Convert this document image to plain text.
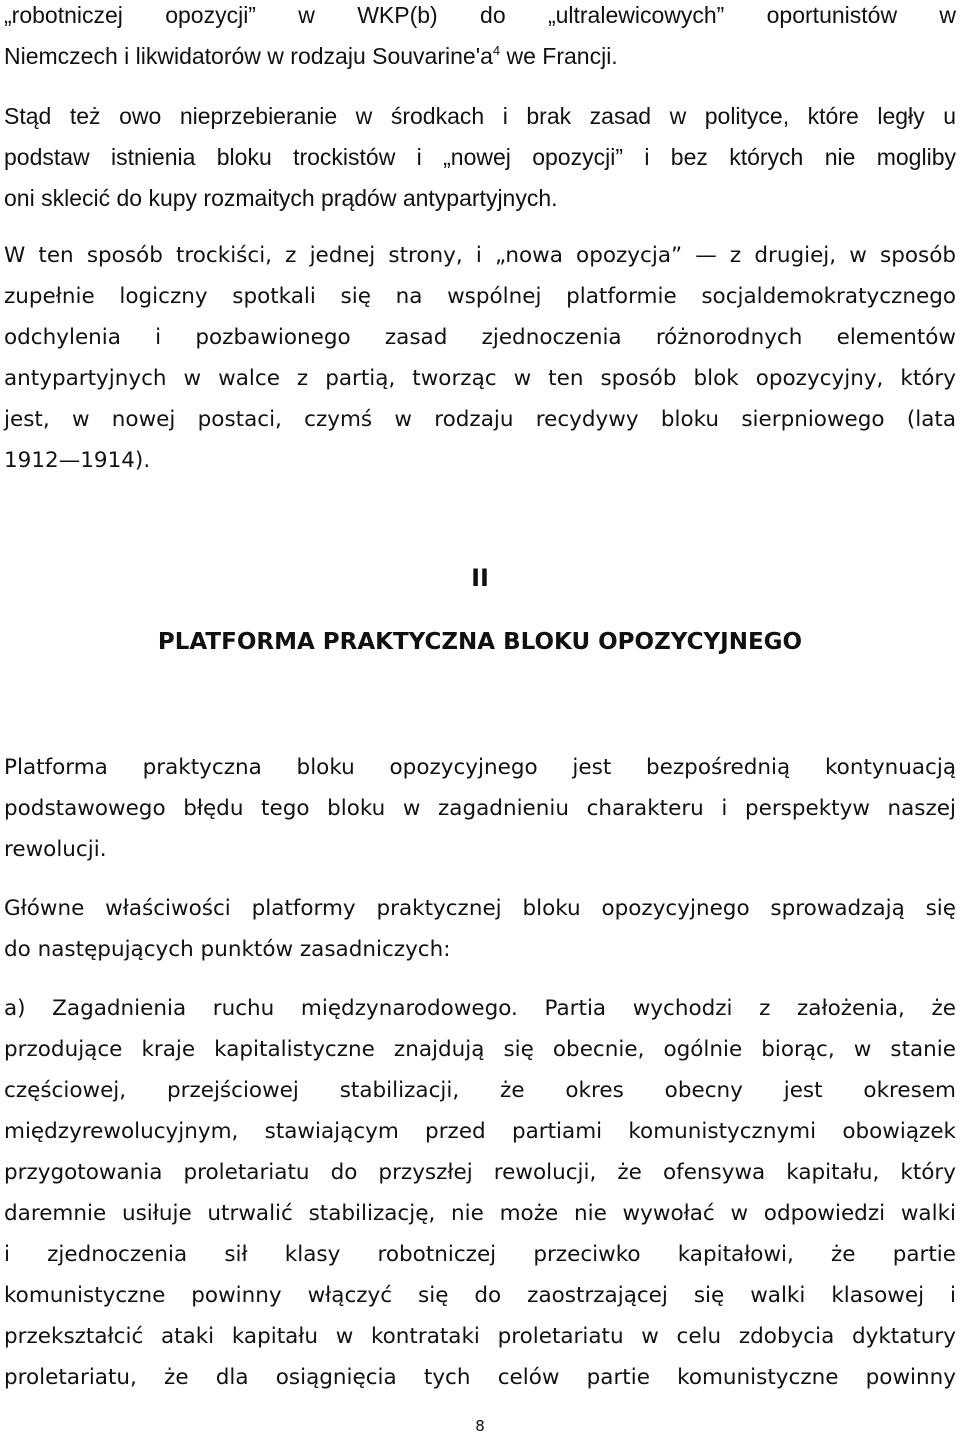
„robotniczej opozycji” w WKP(b) do „ultralewicowych” oportunistów w
Niemczech i likwidatorów w rodzaju $Souvarine'a^4$ we Francji.
Stąd też owo nieprzebieranie w środkach i brak zasad w polityce, które legły u
podstaw istnienia bloku trockistów i „nowej opozycji” i bez których nie mogliby
oni sklecić do kupy rozmaitych prądów antypartyjnych.
W ten sposób trockiści, z jednej strony, i „nowa opozycja” — z drugiej, w sposób
zupełnie logiczny spotkali się na wspólnej platformie socjaldemokratycznego
odchylenia i pozbawionego zasad zjednoczenia różnorodnych elementów
antypartyjnych w walce z partią, tworząc w ten sposób blok opozycyjny, który
jest, w nowej postaci, czymś w rodzaju recydywy bloku sierpniowego (lata
1912—1914).
II
PLATFORMA PRAKTYCZNA BLOKU OPOZYCYJNEGO
Platforma praktyczna bloku opozycyjnego jest bezpośrednią kontynuacją
podstawowego błędu tego bloku w zagadnieniu charakteru i perspektyw naszej
rewolucji.
Główne właściwości platformy praktycznej bloku opozycyjnego sprowadzają się
do następujących punktów zasadniczych:
a) Zagadnienia ruchu międzynarodowego. Partia wychodzi z założenia, że
przodujące kraje kapitalistyczne znajdują się obecnie, ogólnie biorąc, w stanie
częściowej, przejściowej stabilizacji, że okres obecny jest okresem
międzyrewolucyjnym, stawiającym przed partiami komunistycznymi obowiązek
przygotowania proletariatu do przyszłej rewolucji, że ofensywa kapitału, który
daremnie usiłuje utrwalić stabilizację, nie może nie wywołać w odpowiedzi walki
i zjednoczenia sił klasy robotniczej przeciwko kapitałowi, że partie
komunistyczne powinny włączyć się do zaostrzającej się walki klasowej i
przekształcić ataki kapitału w kontrataki proletariatu w celu zdobycia dyktatury
proletariatu, że dla osiągnięcia tych celów partie komunistyczne powinny
8
